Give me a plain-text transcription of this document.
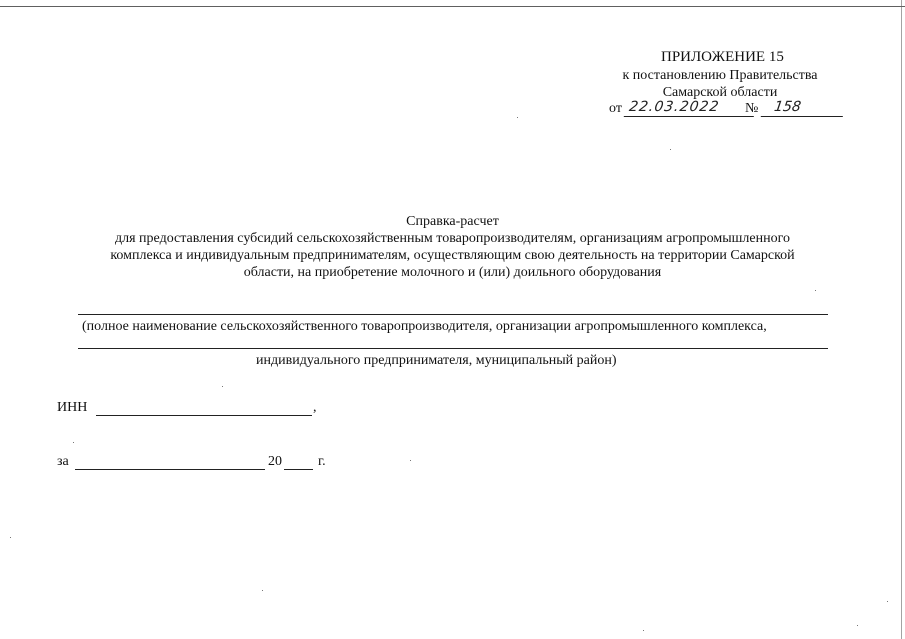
ПРИЛОЖЕНИЕ 15
к постановлению Правительства
Самарской области
от 22.03.2022	№	158
Справка-расчет
для предоставления субсидий сельскохозяйственным товаропроизводителям, организациям агропромышленного
комплекса и индивидуальным предпринимателям, осуществляющим свою деятельность на территории Самарской
области, на приобретение молочного и (или) доильного оборудования
(полное наименование сельскохозяйственного товаропроизводителя, организации агропромышленного комплекса,
индивидуального предпринимателя, муниципальный район)
ИНН	,
за	20	г.
